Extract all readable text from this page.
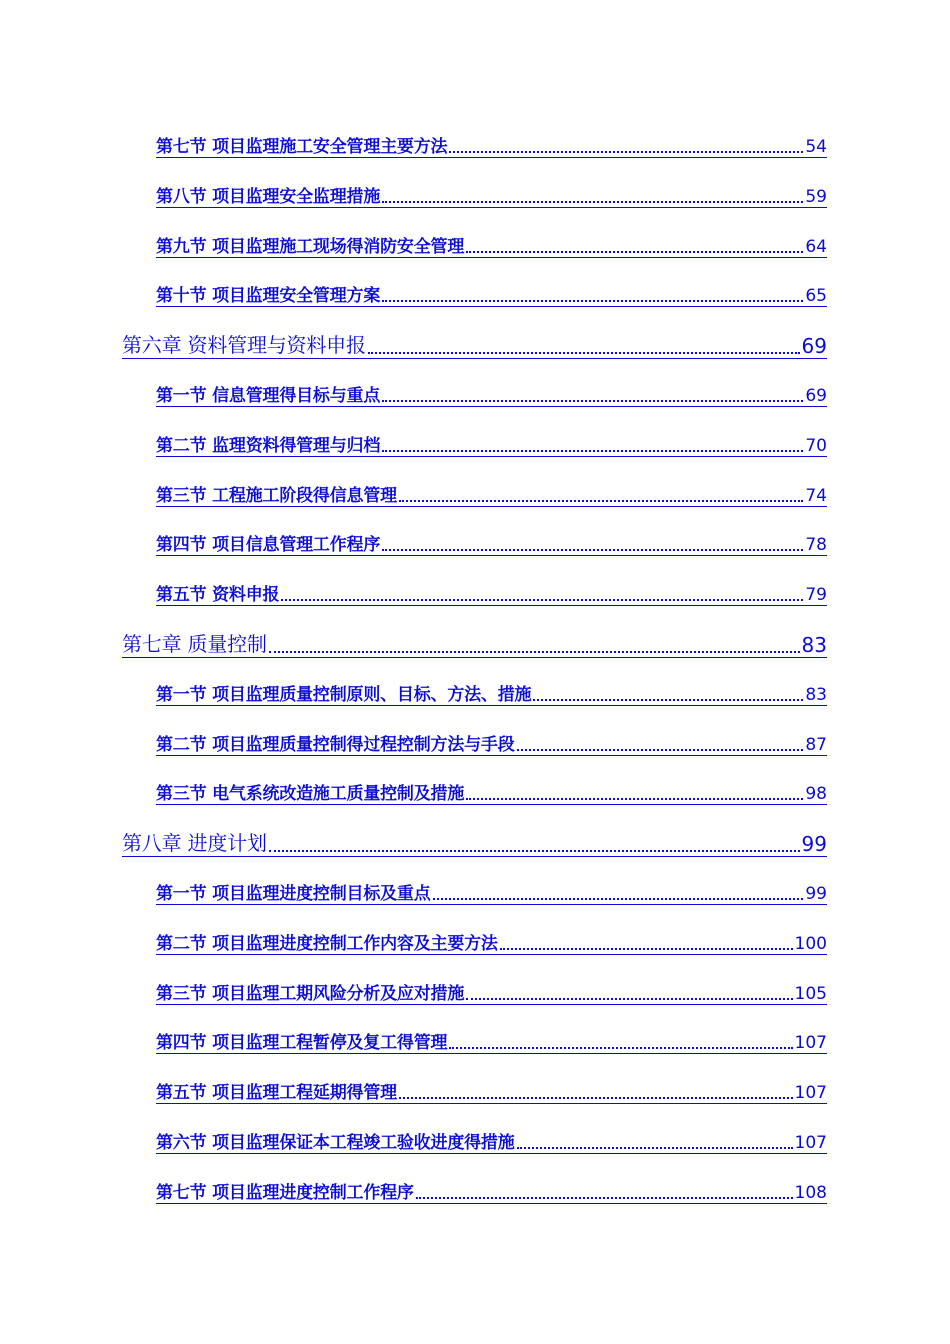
第七节 项目监理施工安全管理主要方法	54
第八节 项目监理安全监理措施	59
第九节 项目监理施工现场得消防安全管理	64
第十节 项目监理安全管理方案	65
第六章 资料管理与资料申报	69
第一节 信息管理得目标与重点	69
第二节 监理资料得管理与归档	70
第三节 工程施工阶段得信息管理	74
第四节 项目信息管理工作程序	78
第五节 资料申报	79
第七章 质量控制	83
第一节 项目监理质量控制原则、目标、方法、措施	83
第二节 项目监理质量控制得过程控制方法与手段	87
第三节 电气系统改造施工质量控制及措施	98
第八章 进度计划	99
第一节 项目监理进度控制目标及重点	99
第二节 项目监理进度控制工作内容及主要方法	100
第三节 项目监理工期风险分析及应对措施	105
第四节 项目监理工程暂停及复工得管理	107
第五节 项目监理工程延期得管理	107
第六节 项目监理保证本工程竣工验收进度得措施	107
第七节 项目监理进度控制工作程序	108
